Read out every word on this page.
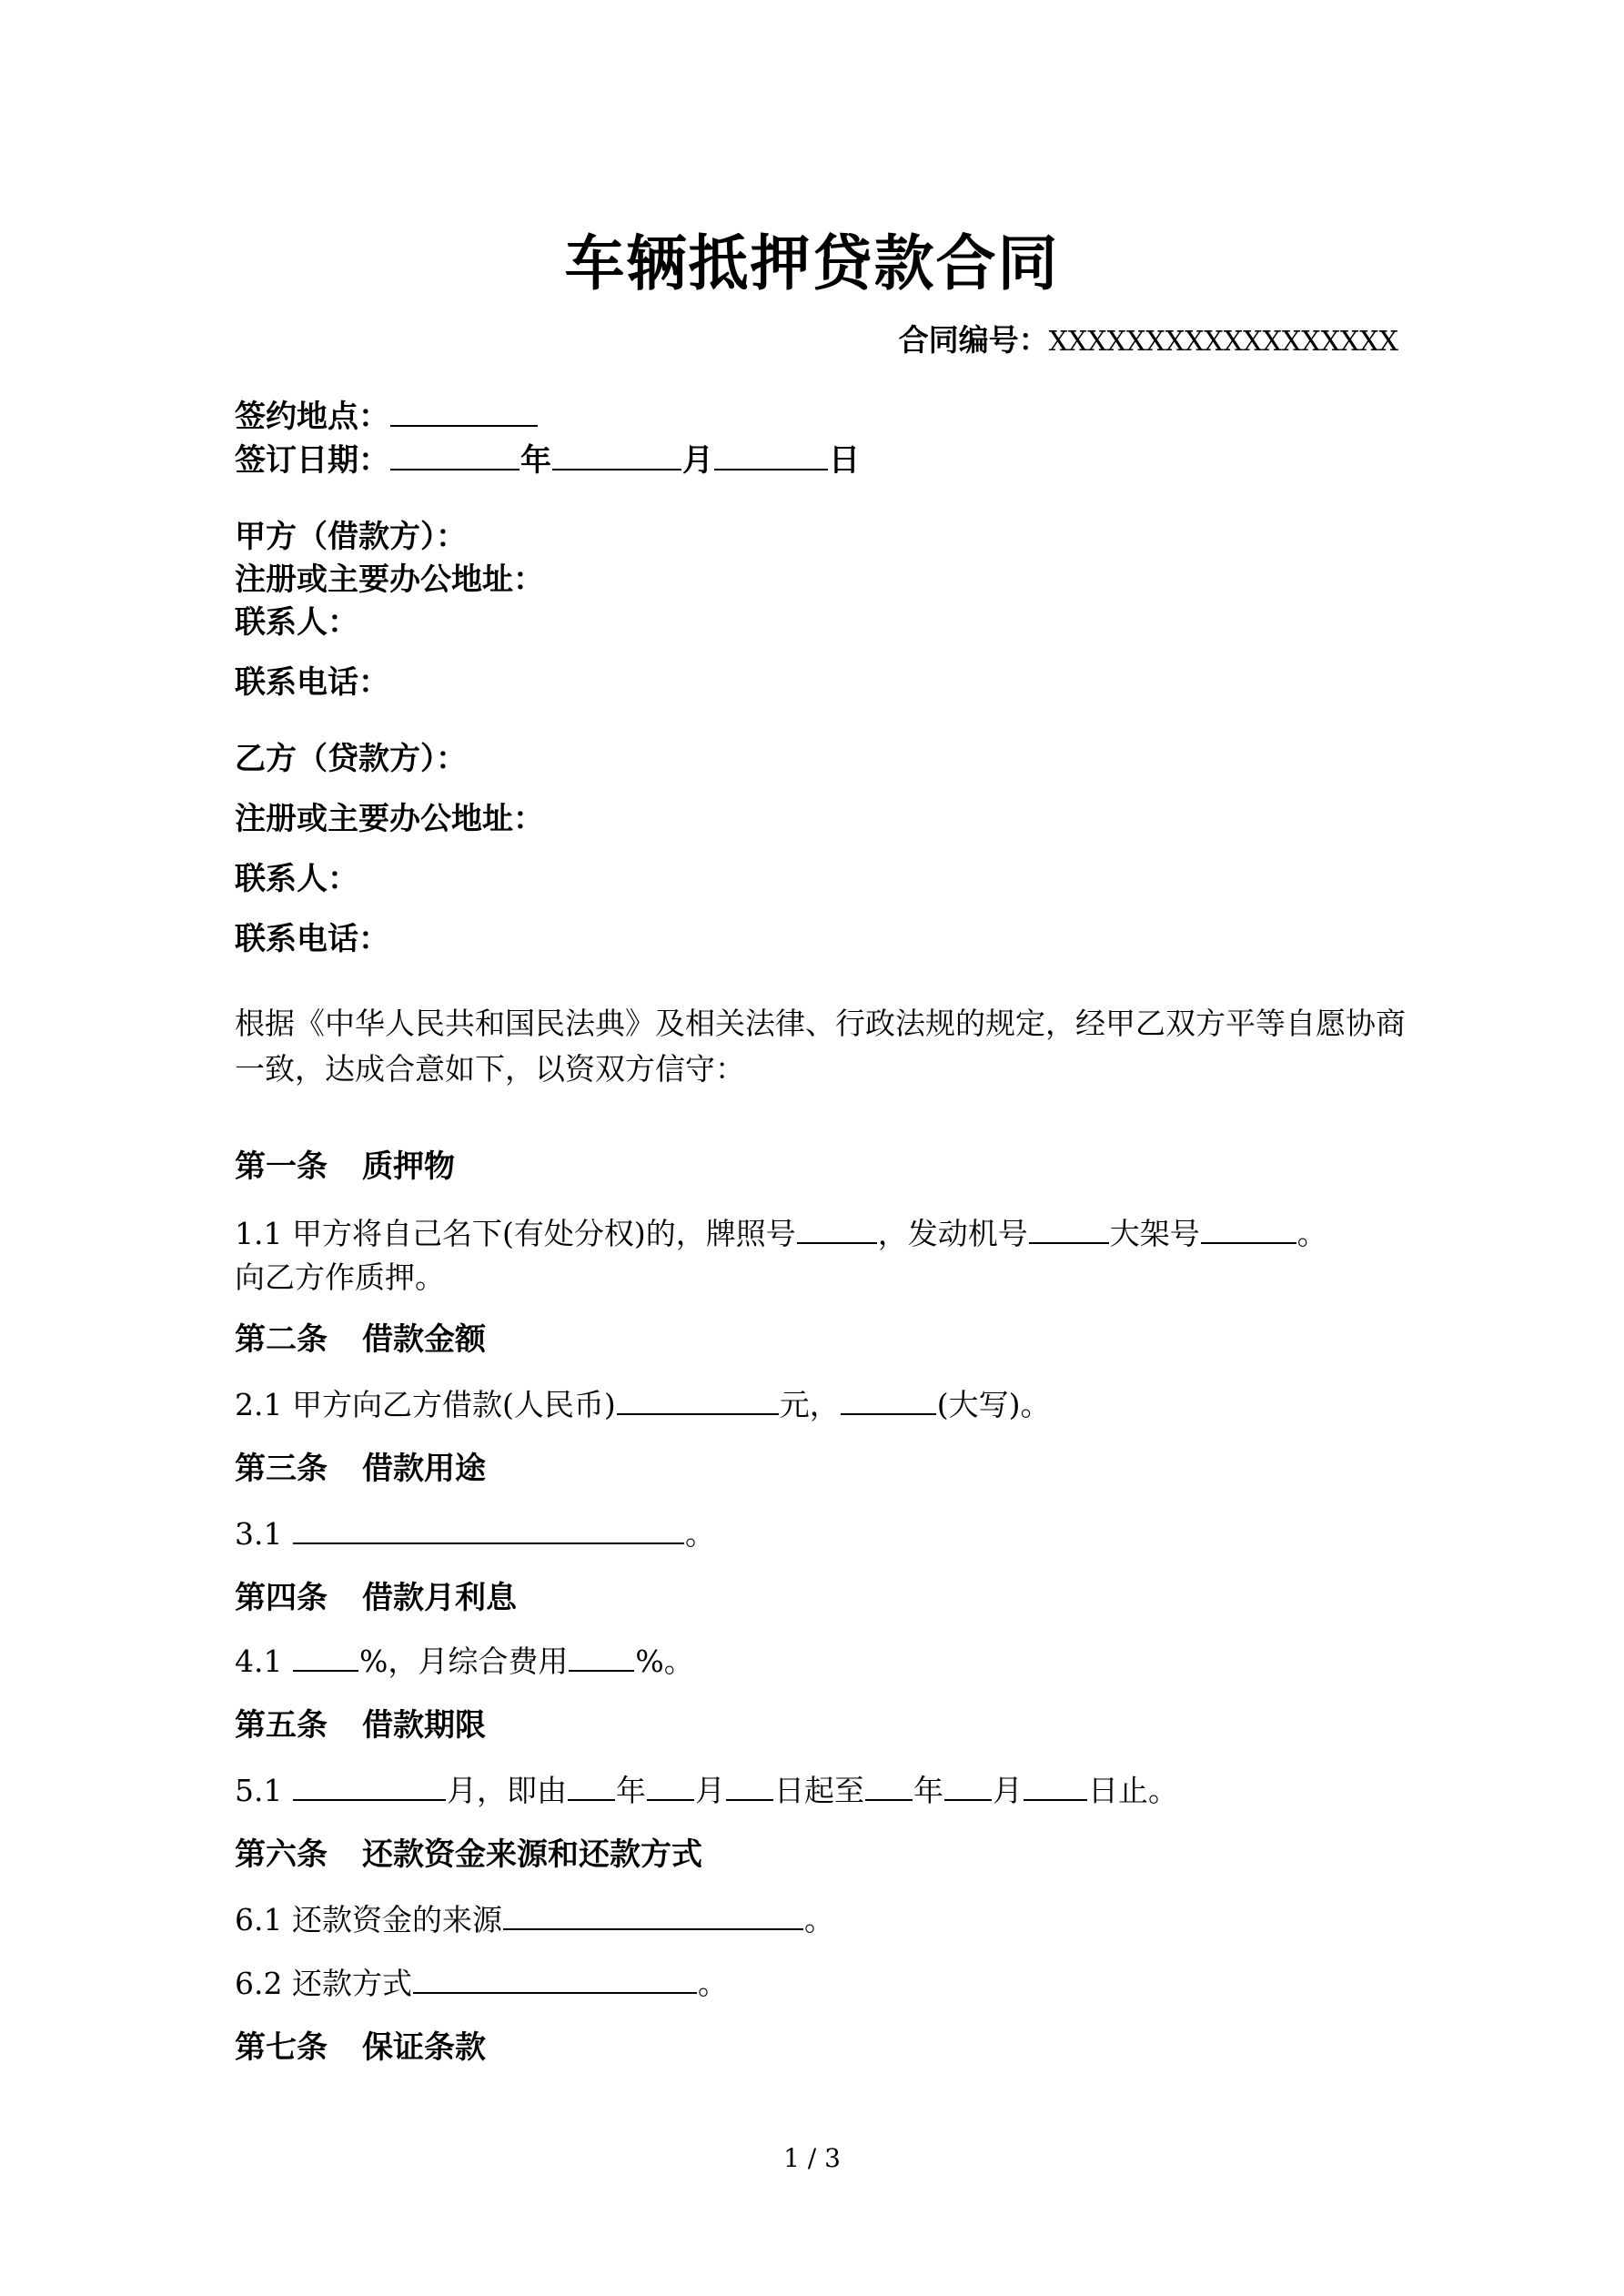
车辆抵押贷款合同
合同编号：XXXXXXXXXXXXXXXXXX
签约地点：
签订日期：	年	月	日
甲方（借款方）：
注册或主要办公地址：
联系人：
联系电话：
乙方（贷款方）：
注册或主要办公地址：
联系人：
联系电话：
根据《中华人民共和国民法典》及相关法律、行政法规的规定，经甲乙双方平等自愿协商一致，达成合意如下，以资双方信守：
第一条 质押物
1.1 甲方将自己名下(有处分权)的，牌照号	，发动机号	大架号	。
向乙方作质押。
第二条 借款金额
2.1 甲方向乙方借款(人民币)	元，	(大写)。
第三条 借款用途
3.1	。
第四条 借款月利息
4.1	%，月综合费用 %。
第五条 借款期限
5.1	月，即由 年 月 日起至 年 月 日止。
第六条 还款资金来源和还款方式
6.1 还款资金的来源	。
6.2 还款方式	。
第七条 保证条款
1 / 3
